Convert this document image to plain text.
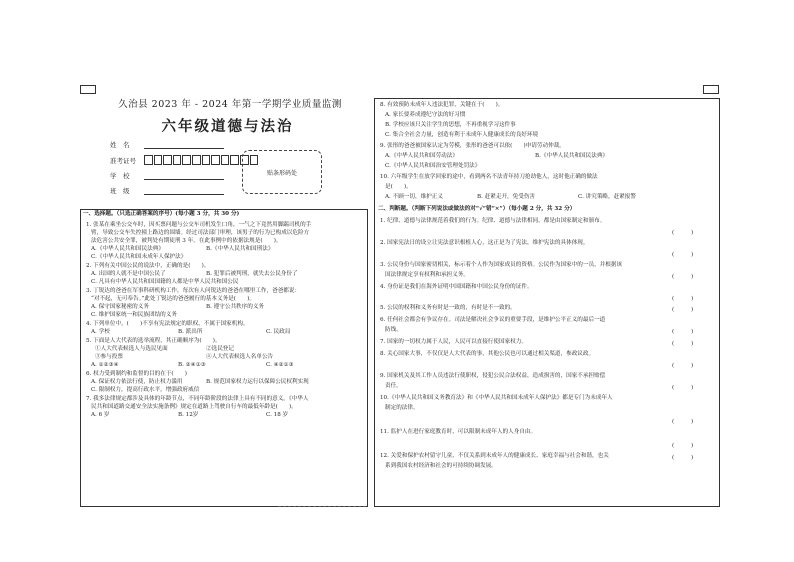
久治县 2023 年 - 2024 年第一学期学业质量监测
六年级道德与法治
姓　名
准考证号
学　校
班　级
贴条形码处
一、选择题。（只选正确答案的序号）(每小题 3 分，共 30 分)
1. 张某在乘坐公交车时，因买票问题与公交车司机发生口角，一气之下竟然用脚踹司机的手
臂，导致公交车失控撞上路边的围墙。经过司法部门审理，该男子的行为已构成以危险方
法危害公共安全罪，被判处有期徒刑 3 年。在此事例中的依据法规是(　　)。
A.《中华人民共和国民法典》	B.《中华人民共和国刑法》
C.《中华人民共和国未成年人保护法》
2. 下列有关中国公民的说法中，正确的是(　　)。
A. 出国的人就不是中国公民了	B. 犯罪后被判刑，就失去公民身份了
C. 凡具有中华人民共和国国籍的人都是中华人民共和国公民
3. 丁锐达的爸爸在军事科研机构工作，每次有人问锐达的爸爸在哪里工作，爸爸都说：
“对不起，无可奉告。”此处丁锐达的爸爸履行的基本义务是(　　)。
A. 保守国家秘密的义务	B. 遵守公共秩序的义务
C. 维护国家统一和民族团结的义务
4. 下列单位中，(　　)不享有宪法规定的职权，不属于国家机构。
A. 学校	B. 派出所	C. 民政局
5. 下面是人大代表的选举流程，其正确顺序为(　　)。
①人大代表候选人与选民见面	②选民登记
③参与投票	④人大代表候选人名单公告
A. ①②③④	B. ②④①③	C. ④②①③
6. 权力受到制约和监督的目的在于(　　)
A. 保证权力依法行使，防止权力滥用	B. 规范国家权力运行以保障公民权利实现
C. 限制权力，提高行政水平，增强政府威信
7. 我多法律规定都涉及具体的年龄节点，不同年龄阶段的法律上具有不同的意义。《中华人
民共和国道路交通安全法实施条例》规定在道路上驾驶自行车的最低年龄是(　　)。
A. 6 岁	B. 12岁	C. 18 岁
8. 有效预防未成年人违法犯罪，关键在于(　　)。
A. 家长要养成遵纪守法的好习惯
B. 学校应该只关注学生的思想，不再重视学习这件事
C. 集合全社会力量，创造有利于未成年人健康成长的良好环境
9. 张彤的爸爸被国家认定为劳模，张彤的爸爸可以依(　　)申请劳动仲裁。
A.《中华人民共和国劳动法》	B.《中华人民共和国民法典》
C.《中华人民共和国治安管理处罚法》
10. 六年级学生在放学回家的途中，看到两名不法青年持刀抢劫他人，这时他正确的做法
是(　　)。
A. 不顾一切，维护正义	B. 赶紧走开，免受伤害	C. 讲究策略，赶紧报警
二、判断题。（判断下列说法或做法的对“√”错“×”）（每小题 2 分，共 32 分）
1. 纪律、道德与法律规范着我们的行为。纪律、道德与法律相同，都是由国家制定和颁布。
(　　　)
2. 国家宪法日的设立让宪法意识根植人心，这正是为了宪法，维护宪法的具体体现。
(　　　)
3. 公民身份与国家密切相关，标示着个人作为国家成员的资格。公民作为国家中的一员，并根据该
国法律规定享有权利和承担义务。	(　　　)
4. 身份证是我们在海外证明中国国籍和中国公民身份的证件。
(　　　)
5. 公民的权利和义务有时是一致的，有时是不一致的。	(　　　)
6. 任何社会都会有争议存在。司法是解决社会争议的重要手段，是维护公平正义的最后一道
防线。	(　　　)
7. 国家的一切权力属于人民，人民可以直接行使国家权力。	(　　　)
8. 关心国家大事，不仅仅是人大代表的事，其他公民也可以通过相关渠道，参政议政。
(　　　)
9. 国家机关及其工作人员违法行使职权，侵犯公民合法权益，造成损害的，国家不承担赔偿
责任。	(　　　)
10.《中华人民共和国义务教育法》和《中华人民共和国未成年人保护法》都是专门为未成年人
制定的法律。
(　　　)
11. 监护人在进行家庭教育时，可以限制未成年人的人身自由。
(　　　)
12. 关爱和保护农村留守儿童，不仅关系到未成年人的健康成长、家庭幸福与社会和谐，也关
系到我国农村经济和社会的可持续协调发展。
(　　　)
